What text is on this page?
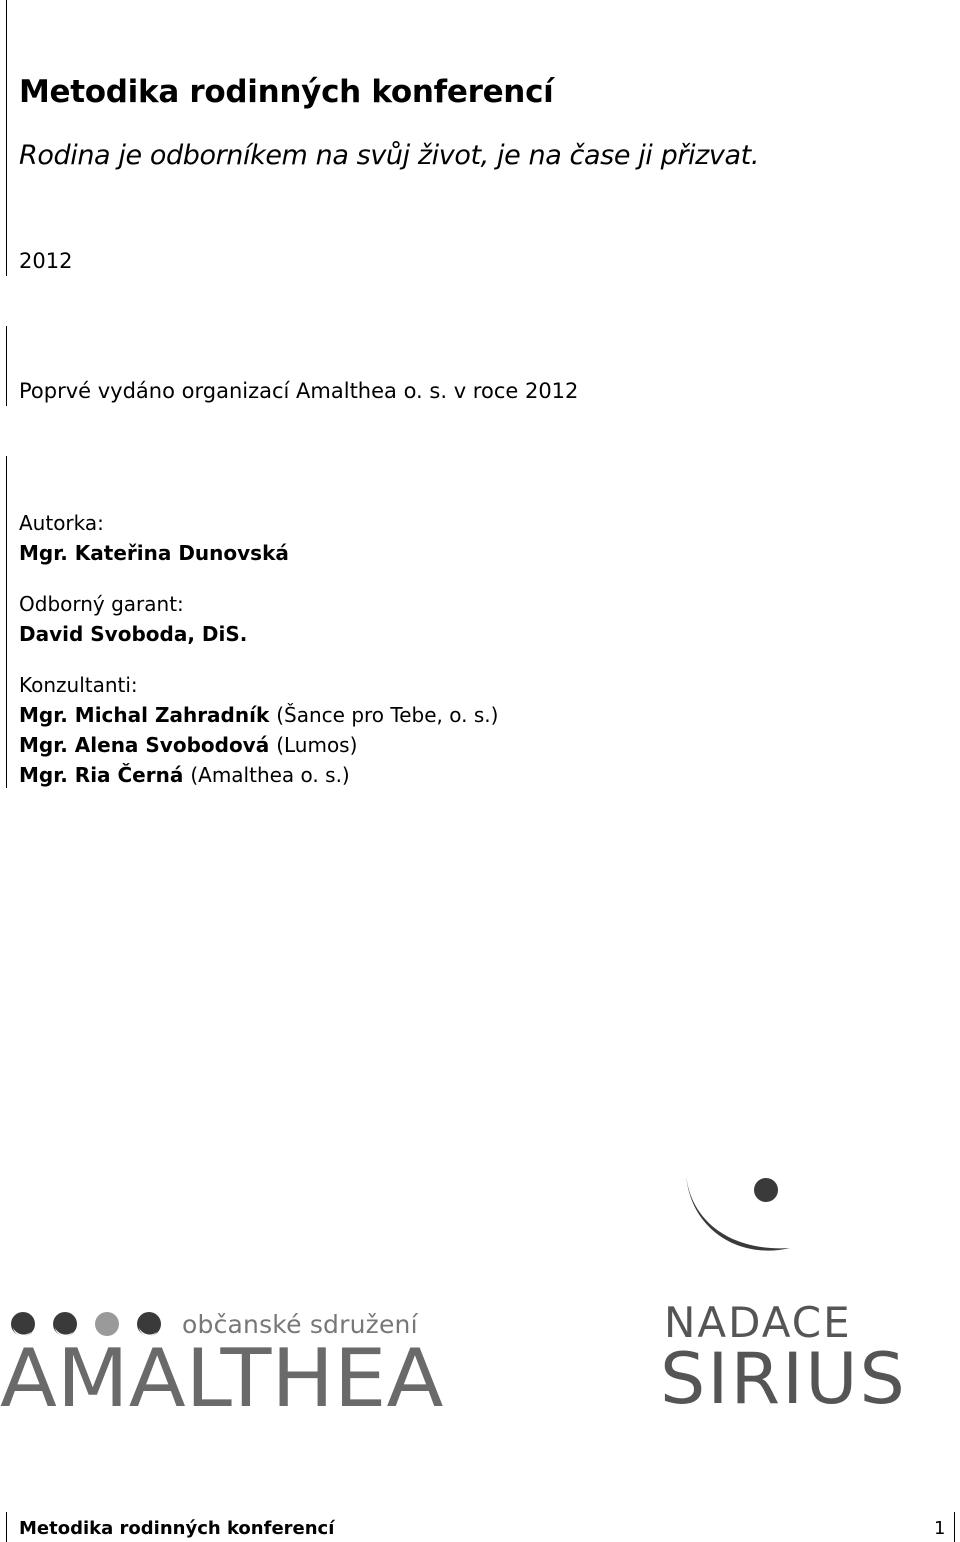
Metodika rodinných konferencí
Rodina je odborníkem na svůj život, je na čase ji přizvat.
2012
Poprvé vydáno organizací Amalthea o. s. v roce 2012
Autorka:
Mgr. Kateřina Dunovská
Odborný garant:
David Svoboda, DiS.
Konzultanti:
Mgr. Michal Zahradník (Šance pro Tebe, o. s.)
Mgr. Alena Svobodová (Lumos)
Mgr. Ria Černá (Amalthea o. s.)
občanské sdružení
AMALTHEA
NADACE
SIRIUS
Metodika rodinných konferencí	1
